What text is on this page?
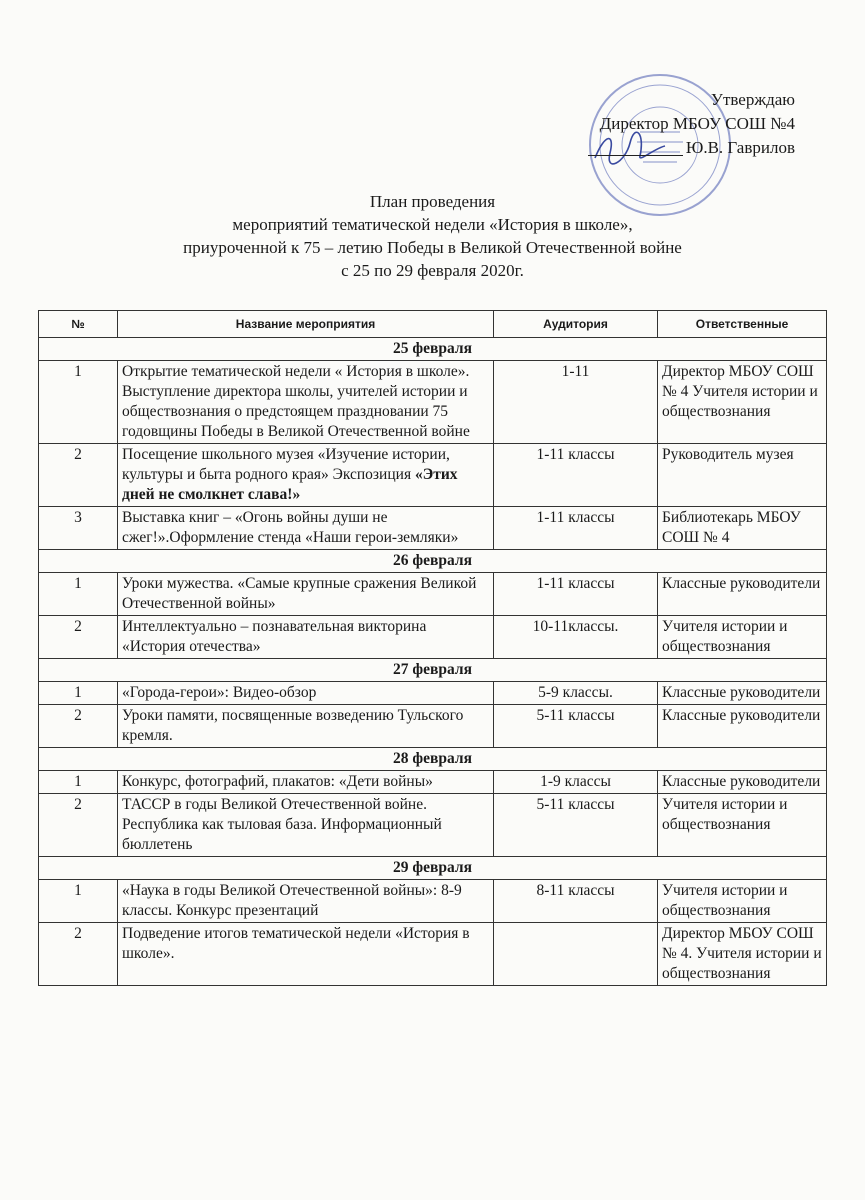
Утверждаю
Директор МБОУ СОШ №4
Ю.В. Гаврилов
План проведения
мероприятий тематической недели «История в школе»,
приуроченной к 75 – летию Победы в Великой Отечественной войне
с 25 по 29 февраля 2020г.
№	Название мероприятия	Аудитория	Ответственные
25 февраля			
1	Открытие тематической недели « История в школе». Выступление директора школы, учителей истории и обществознания о предстоящем праздновании 75 годовщины Победы в Великой Отечественной войне	1-11	Директор МБОУ СОШ № 4 Учителя истории и обществознания
2	Посещение школьного музея «Изучение истории, культуры и быта родного края» Экспозиция «Этих дней не смолкнет слава!»	1-11 классы	Руководитель музея
3	Выставка книг – «Огонь войны души не сжег!».Оформление стенда «Наши герои-земляки»	1-11 классы	Библиотекарь МБОУ СОШ № 4
26 февраля			
1	Уроки мужества. «Самые крупные сражения Великой Отечественной войны»	1-11 классы	Классные руководители
2	Интеллектуально – познавательная викторина «История отечества»	10-11классы.	Учителя истории и обществознания
27 февраля			
1	«Города-герои»: Видео-обзор	5-9 классы.	Классные руководители
2	Уроки памяти, посвященные возведению Тульского кремля.	5-11 классы	Классные руководители
28 февраля			
1	Конкурс, фотографий, плакатов: «Дети войны»	1-9 классы	Классные руководители
2	ТАССР в годы Великой Отечественной войне. Республика как тыловая база. Информационный бюллетень	5-11 классы	Учителя истории и обществознания
29 февраля			
1	«Наука в годы Великой Отечественной войны»: 8-9 классы. Конкурс презентаций	8-11 классы	Учителя истории и обществознания
2	Подведение итогов тематической недели «История в школе».		Директор МБОУ СОШ № 4. Учителя истории и обществознания
